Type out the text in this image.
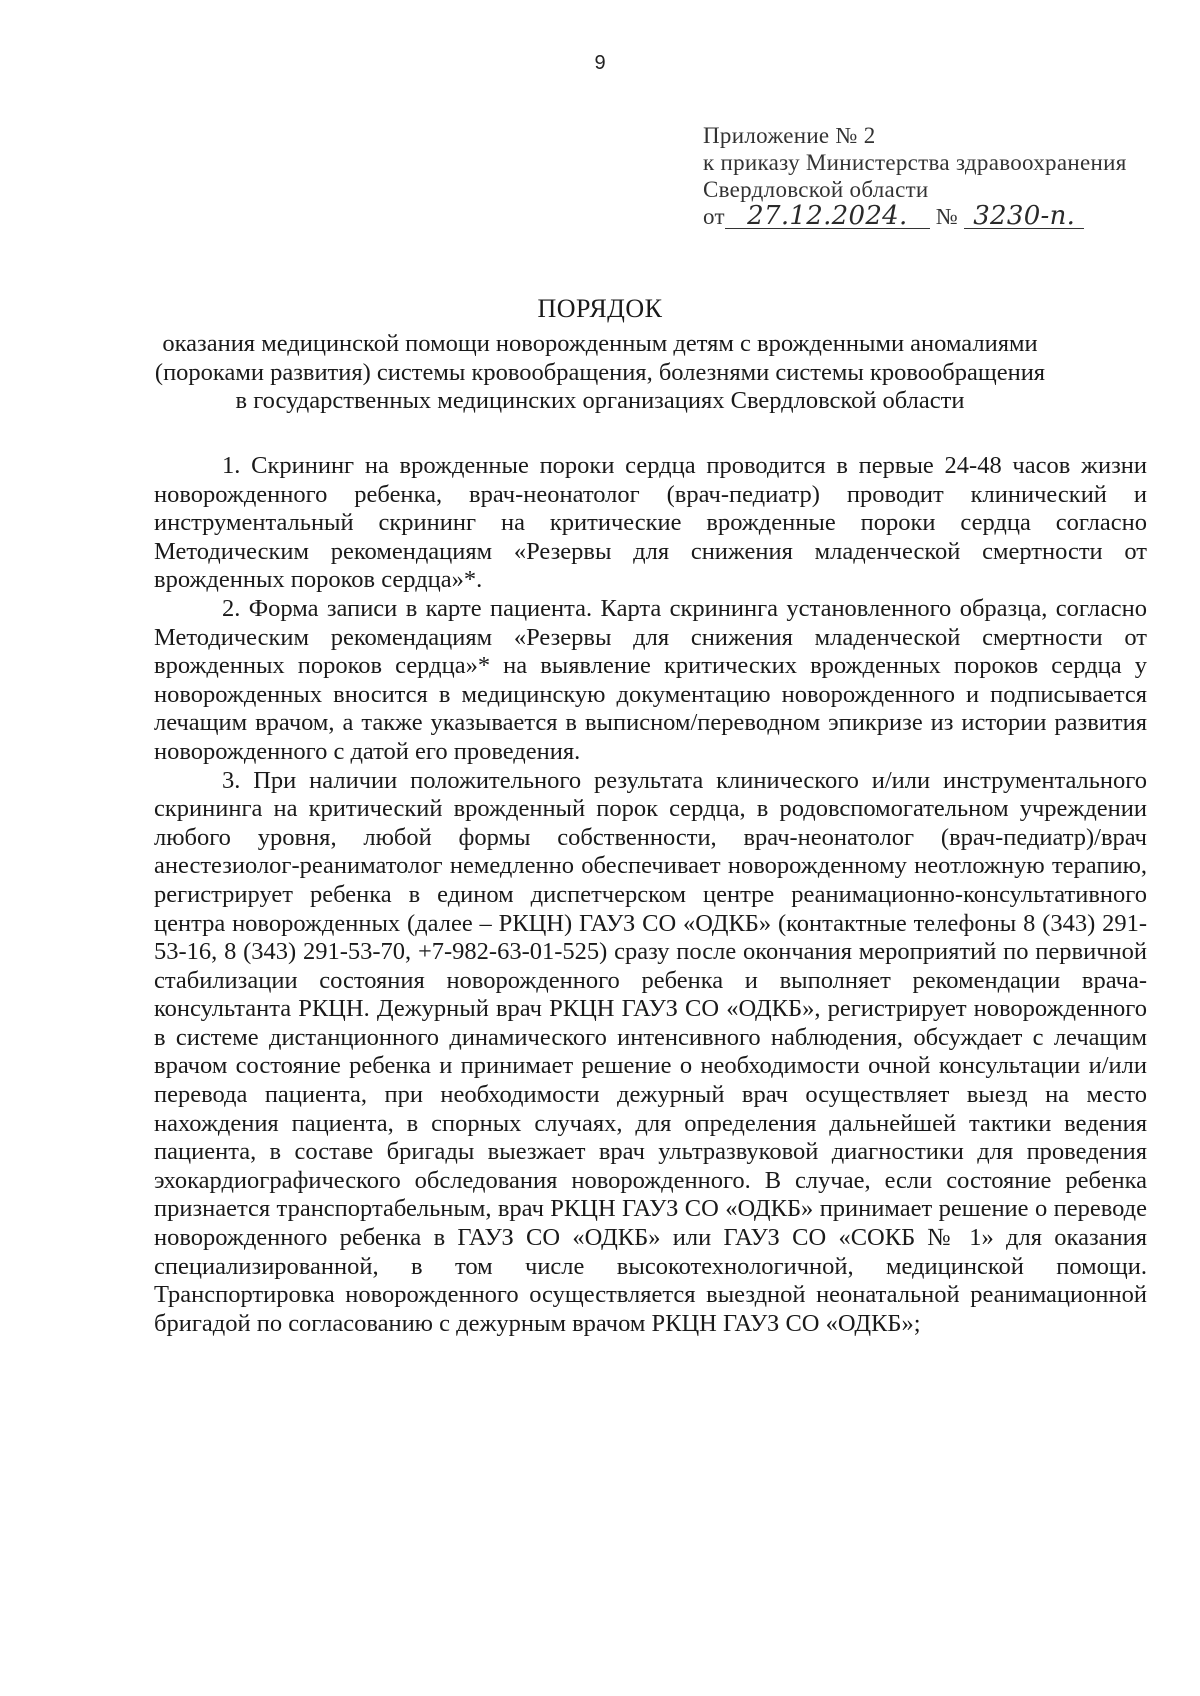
9
Приложение № 2
к приказу Министерства здравоохранения
Свердловской области
от 27.12.2024. № 3230-п.
ПОРЯДОК
оказания медицинской помощи новорожденным детям с врожденными аномалиями (пороками развития) системы кровообращения, болезнями системы кровообращения в государственных медицинских организациях Свердловской области

1. Скрининг на врожденные пороки сердца проводится в первые 24-48 часов жизни новорожденного ребенка, врач-неонатолог (врач-педиатр) проводит клинический и инструментальный скрининг на критические врожденные пороки сердца согласно Методическим рекомендациям «Резервы для снижения младенческой смертности от врожденных пороков сердца»*.

2. Форма записи в карте пациента. Карта скрининга установленного образца, согласно Методическим рекомендациям «Резервы для снижения младенческой смертности от врожденных пороков сердца»* на выявление критических врожденных пороков сердца у новорожденных вносится в медицинскую документацию новорожденного и подписывается лечащим врачом, а также указывается в выписном/переводном эпикризе из истории развития новорожденного с датой его проведения.

3. При наличии положительного результата клинического и/или инструментального скрининга на критический врожденный порок сердца, в родовспомогательном учреждении любого уровня, любой формы собственности, врач-неонатолог (врач-педиатр)/врач анестезиолог-реаниматолог немедленно обеспечивает новорожденному неотложную терапию, регистрирует ребенка в едином диспетчерском центре реанимационно-консультативного центра новорожденных (далее – РКЦН) ГАУЗ СО «ОДКБ» (контактные телефоны 8 (343) 291-53-16, 8 (343) 291-53-70, +7-982-63-01-525) сразу после окончания мероприятий по первичной стабилизации состояния новорожденного ребенка и выполняет рекомендации врача-консультанта РКЦН. Дежурный врач РКЦН ГАУЗ СО «ОДКБ», регистрирует новорожденного в системе дистанционного динамического интенсивного наблюдения, обсуждает с лечащим врачом состояние ребенка и принимает решение о необходимости очной консультации и/или перевода пациента, при необходимости дежурный врач осуществляет выезд на место нахождения пациента, в спорных случаях, для определения дальнейшей тактики ведения пациента, в составе бригады выезжает врач ультразвуковой диагностики для проведения эхокардиографического обследования новорожденного. В случае, если состояние ребенка признается транспортабельным, врач РКЦН ГАУЗ СО «ОДКБ» принимает решение о переводе новорожденного ребенка в ГАУЗ СО «ОДКБ» или ГАУЗ СО «СОКБ № 1» для оказания специализированной, в том числе высокотехнологичной, медицинской помощи. Транспортировка новорожденного осуществляется выездной неонатальной реанимационной бригадой по согласованию с дежурным врачом РКЦН ГАУЗ СО «ОДКБ»;
